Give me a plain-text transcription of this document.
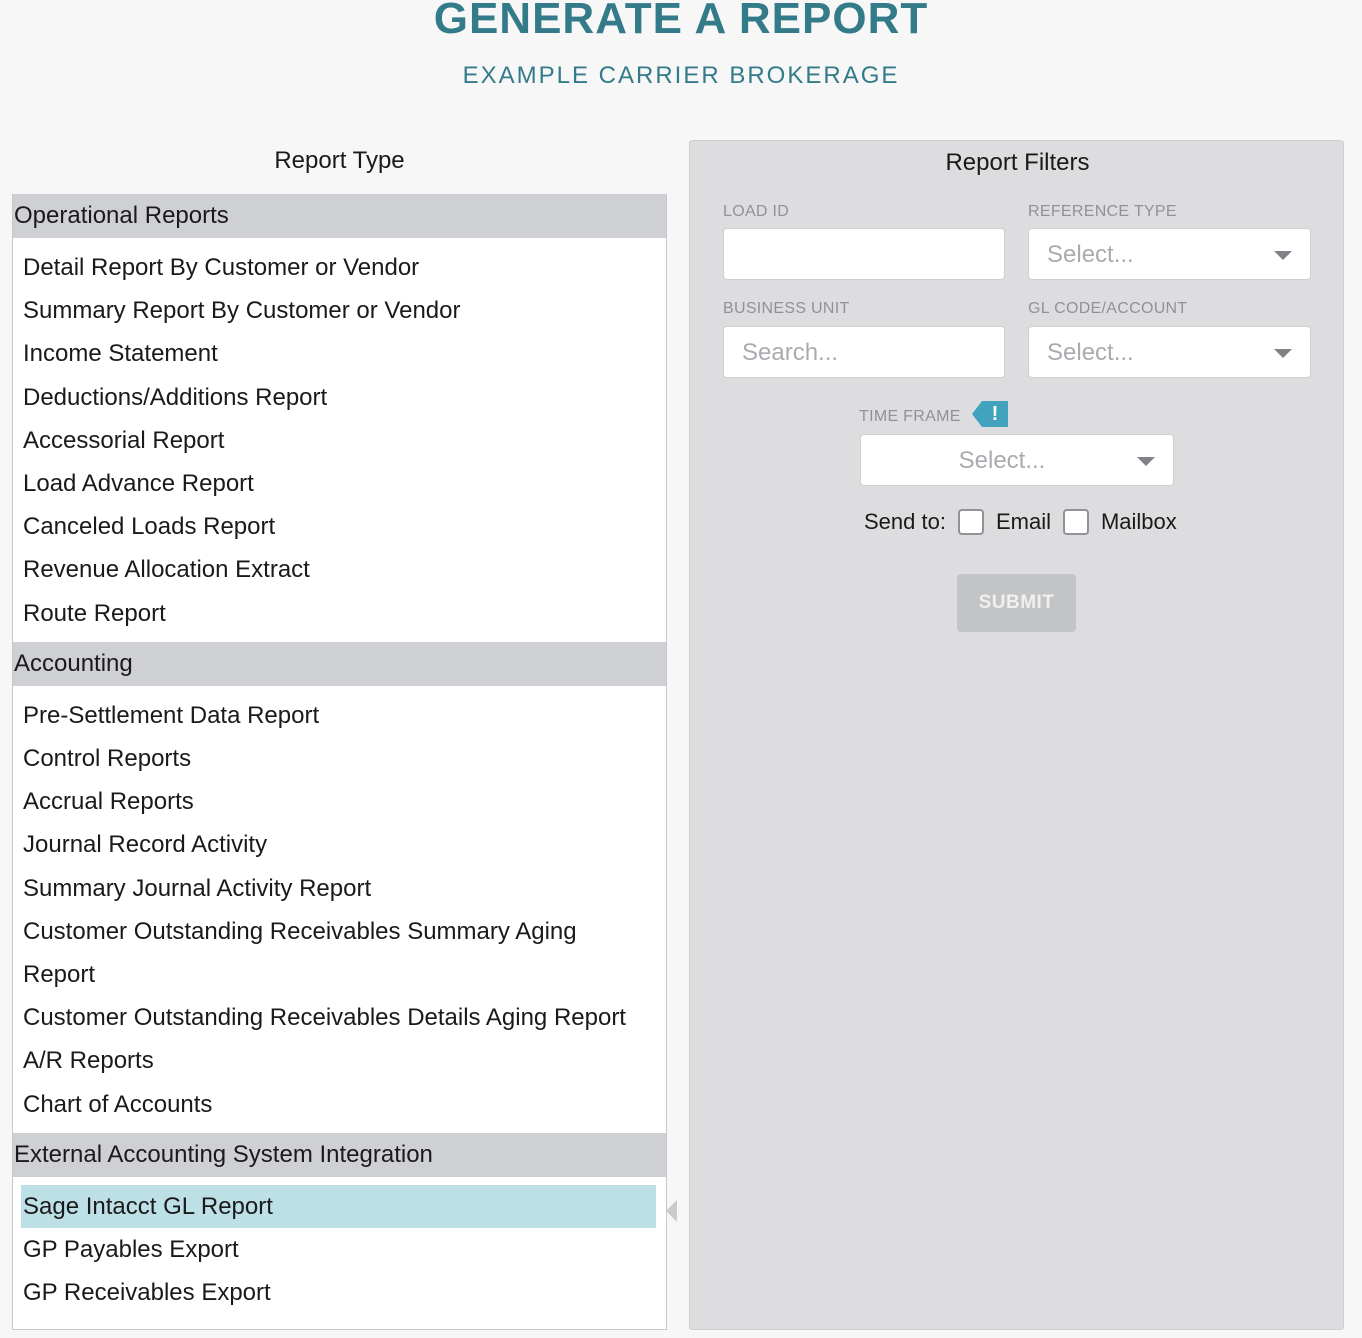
GENERATE A REPORT
EXAMPLE CARRIER BROKERAGE
Report Type
Operational Reports
Detail Report By Customer or Vendor
Summary Report By Customer or Vendor
Income Statement
Deductions/Additions Report
Accessorial Report
Load Advance Report
Canceled Loads Report
Revenue Allocation Extract
Route Report
Accounting
Pre-Settlement Data Report
Control Reports
Accrual Reports
Journal Record Activity
Summary Journal Activity Report
Customer Outstanding Receivables Summary Aging
Report
Customer Outstanding Receivables Details Aging Report
A/R Reports
Chart of Accounts
External Accounting System Integration
Sage Intacct GL Report
GP Payables Export
GP Receivables Export
Report Filters
LOAD ID	REFERENCE TYPE
Select...
BUSINESS UNIT
Search...
GL CODE/ACCOUNT
Select...
TIME FRAME	!
Select...
Send to: Email Mailbox
SUBMIT
